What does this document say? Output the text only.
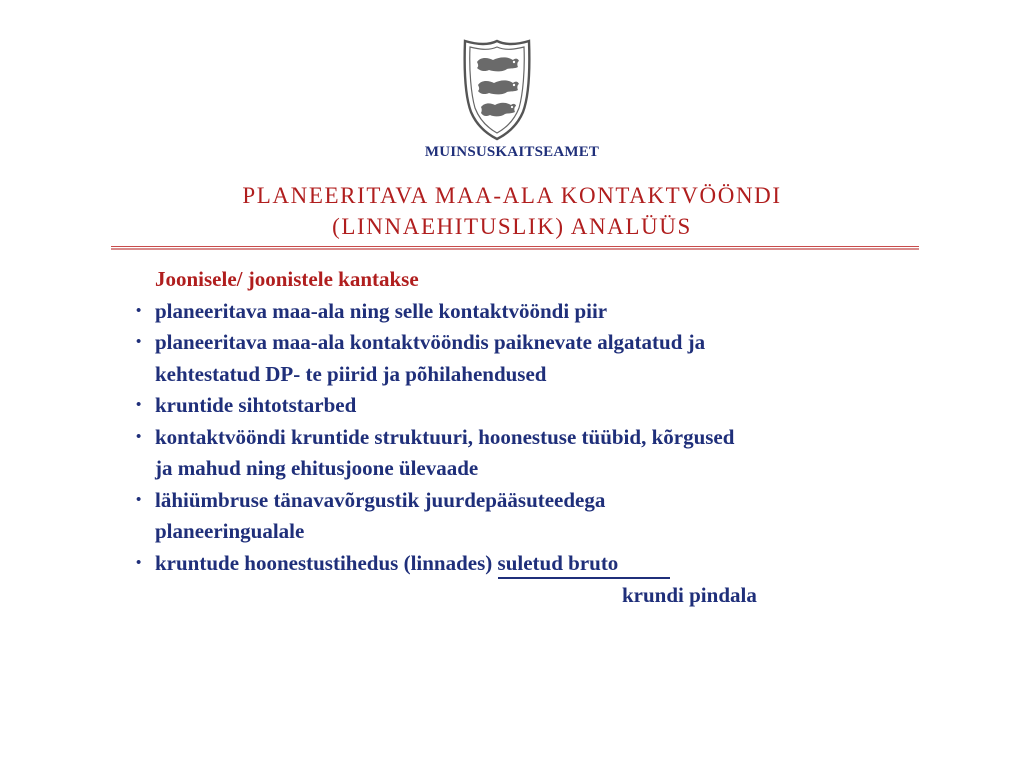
MUINSUSKAITSEAMET
PLANEERITAVA MAA-ALA KONTAKTVÖÖNDI
(LINNAEHITUSLIK) ANALÜÜS
Joonisele/ joonistele kantakse
• planeeritava maa-ala ning selle kontaktvööndi piir
• planeeritava maa-ala kontaktvööndis paiknevate algatatud ja
kehtestatud DP- te piirid ja põhilahendused
• kruntide sihtotstarbed
• kontaktvööndi kruntide struktuuri, hoonestuse tüübid, kõrgused
ja mahud ning ehitusjoone ülevaade
• lähiümbruse tänavavõrgustik juurdepääsuteedega
planeeringualale
• kruntude hoonestustihedus (linnades) suletud bruto
krundi pindala
